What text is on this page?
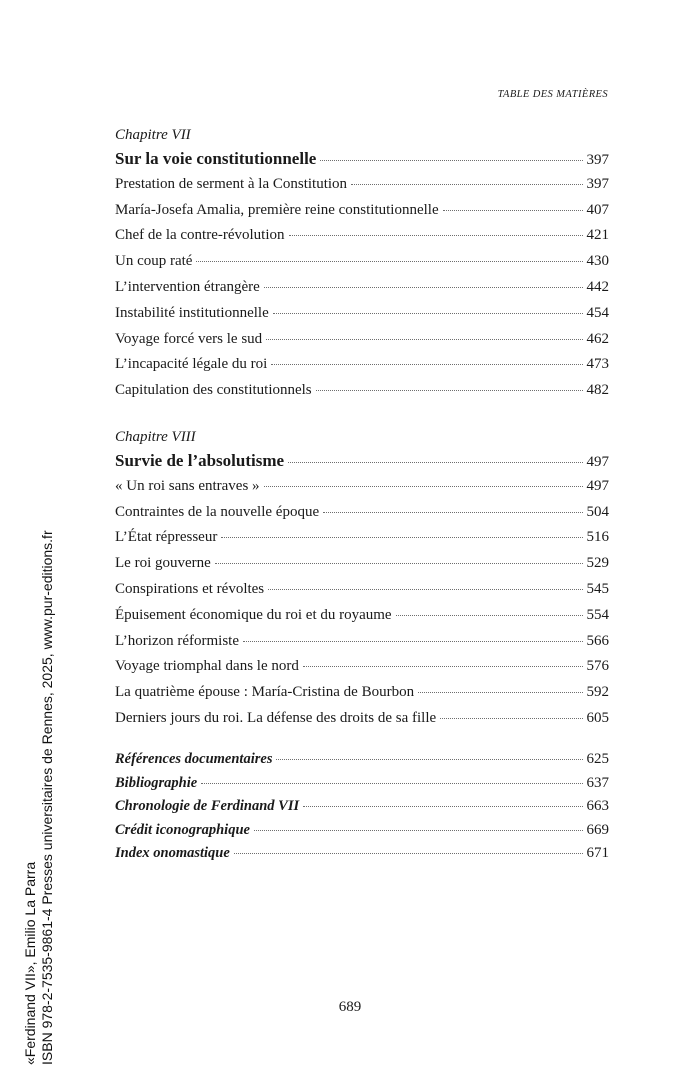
TABLE DES MATIÈRES
«Ferdinand VII», Emilio La Parra ISBN 978-2-7535-9861-4 Presses universitaires de Rennes, 2025, www.pur-editions.fr
Chapitre VII
Sur la voie constitutionnelle	397
Prestation de serment à la Constitution	397
María-Josefa Amalia, première reine constitutionnelle	407
Chef de la contre-révolution	421
Un coup raté	430
L’intervention étrangère	442
Instabilité institutionnelle	454
Voyage forcé vers le sud	462
L’incapacité légale du roi	473
Capitulation des constitutionnels	482
Chapitre VIII
Survie de l’absolutisme	497
« Un roi sans entraves »	497
Contraintes de la nouvelle époque	504
L’État répresseur	516
Le roi gouverne	529
Conspirations et révoltes	545
Épuisement économique du roi et du royaume	554
L’horizon réformiste	566
Voyage triomphal dans le nord	576
La quatrième épouse : María-Cristina de Bourbon	592
Derniers jours du roi. La défense des droits de sa fille	605
Références documentaires	625
Bibliographie	637
Chronologie de Ferdinand VII	663
Crédit iconographique	669
Index onomastique	671
689
